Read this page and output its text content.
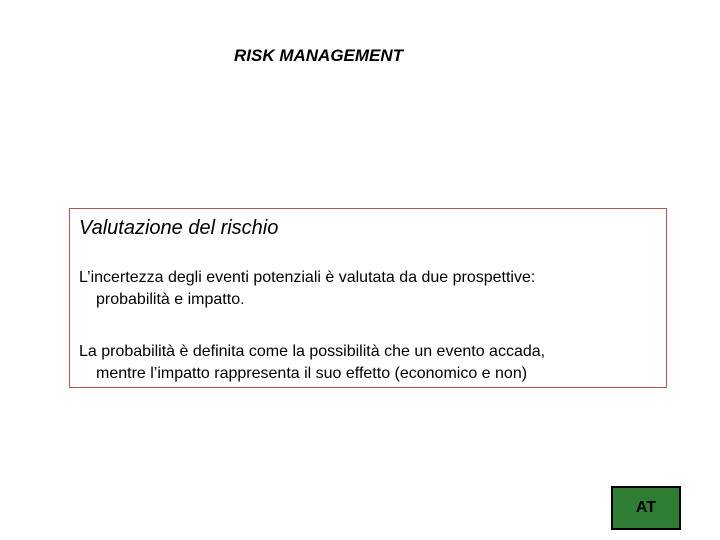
RISK MANAGEMENT
Valutazione del rischio
L’incertezza degli eventi potenziali è valutata da due prospettive:
probabilità e impatto.
La probabilità è definita come la possibilità che un evento accada,
mentre l’impatto rappresenta il suo effetto (economico e non)
AT
